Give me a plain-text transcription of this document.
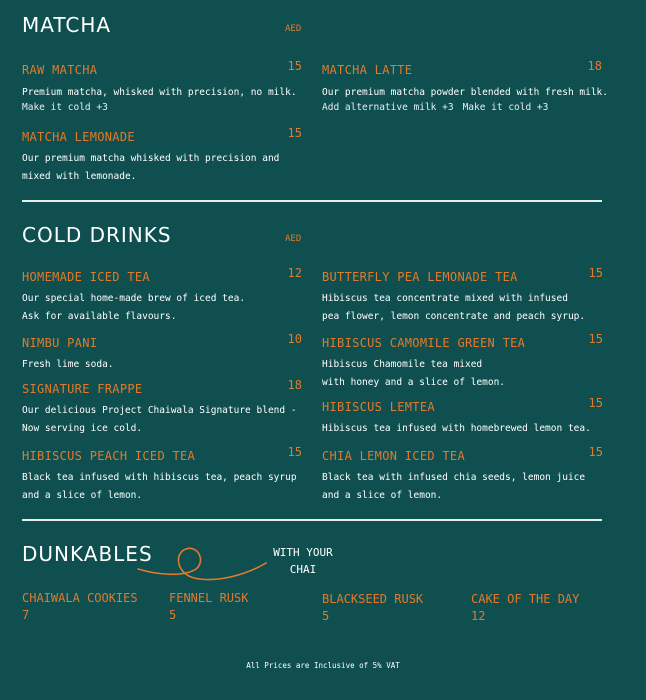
MATCHA	AED
RAW MATCHA	15
Premium matcha, whisked with precision, no milk.
Make it cold +3
MATCHA LEMONADE	15
Our premium matcha whisked with precision and
mixed with lemonade.
MATCHA LATTE	18
Our premium matcha powder blended with fresh milk.
Add alternative milk +3 Make it cold +3
COLD DRINKS	AED
HOMEMADE ICED TEA	12
Our special home-made brew of iced tea.
Ask for available flavours.
NIMBU PANI	10
Fresh lime soda.
SIGNATURE FRAPPE	18
Our delicious Project Chaiwala Signature blend -
Now serving ice cold.
HIBISCUS PEACH ICED TEA	15
Black tea infused with hibiscus tea, peach syrup
and a slice of lemon.
BUTTERFLY PEA LEMONADE TEA	15
Hibiscus tea concentrate mixed with infused
pea flower, lemon concentrate and peach syrup.
HIBISCUS CAMOMILE GREEN TEA	15
Hibiscus Chamomile tea mixed
with honey and a slice of lemon.
HIBISCUS LEMTEA	15
Hibiscus tea infused with homebrewed lemon tea.
CHIA LEMON ICED TEA	15
Black tea with infused chia seeds, lemon juice
and a slice of lemon.
DUNKABLES	WITH YOUR
CHAI
CHAIWALA COOKIES
7
FENNEL RUSK
5
BLACKSEED RUSK
5
CAKE OF THE DAY
12
All Prices are Inclusive of 5% VAT
